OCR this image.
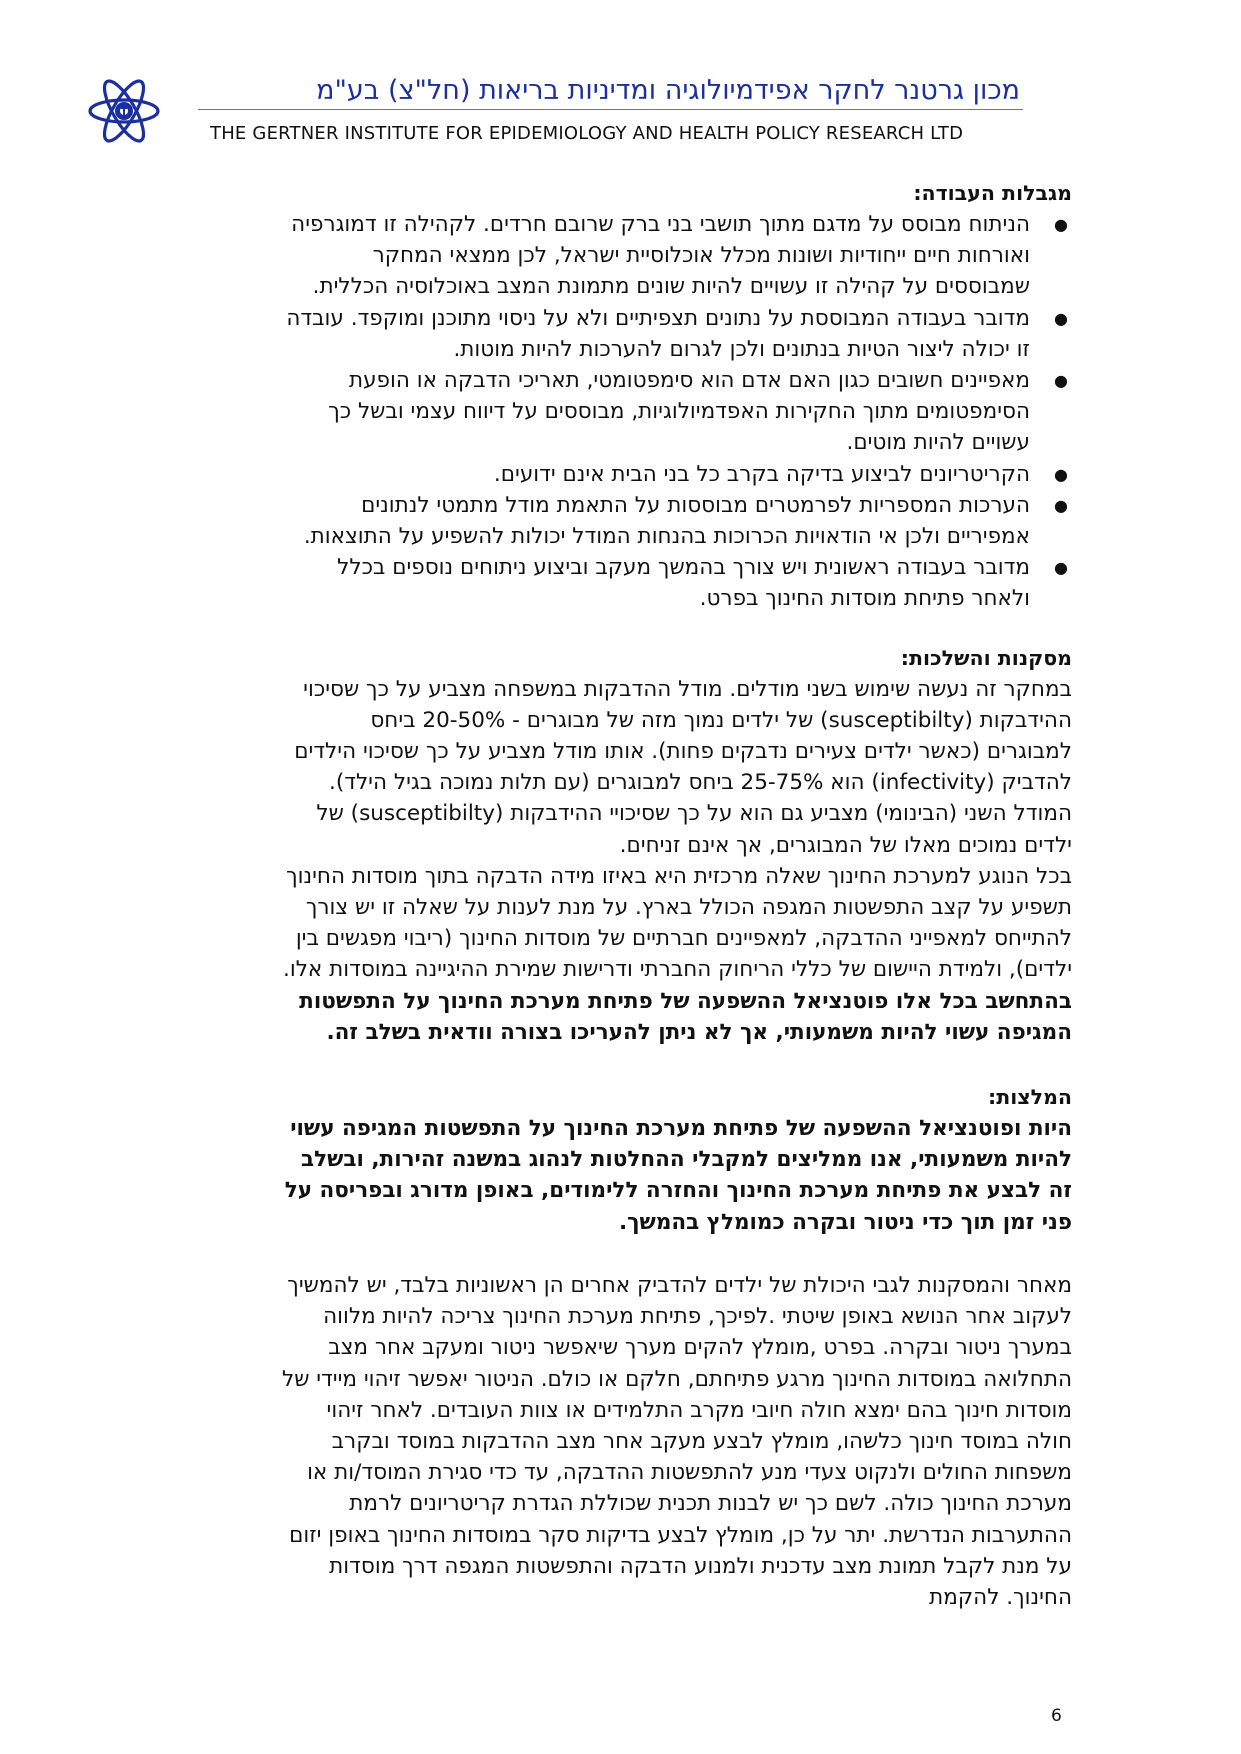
מכון גרטנר לחקר אפידמיולוגיה ומדיניות בריאות (חל"צ) בע"מ
THE GERTNER INSTITUTE FOR EPIDEMIOLOGY AND HEALTH POLICY RESEARCH LTD
מגבלות העבודה:
●
הניתוח מבוסס על מדגם מתוך תושבי בני ברק שרובם חרדים. לקהילה זו דמוגרפיה ואורחות חיים ייחודיות ושונות מכלל אוכלוסיית ישראל, לכן ממצאי המחקר שמבוססים על קהילה זו עשויים להיות שונים מתמונת המצב באוכלוסיה הכללית.
●
מדובר בעבודה המבוססת על נתונים תצפיתיים ולא על ניסוי מתוכנן ומוקפד. עובדה זו יכולה ליצור הטיות בנתונים ולכן לגרום להערכות להיות מוטות.
●
מאפיינים חשובים כגון האם אדם הוא סימפטומטי, תאריכי הדבקה או הופעת הסימפטומים מתוך החקירות האפדמיולוגיות, מבוססים על דיווח עצמי ובשל כך עשויים להיות מוטים.
●
הקריטריונים לביצוע בדיקה בקרב כל בני הבית אינם ידועים.
●
הערכות המספריות לפרמטרים מבוססות על התאמת מודל מתמטי לנתונים אמפיריים ולכן אי הודאויות הכרוכות בהנחות המודל יכולות להשפיע על התוצאות.
●
מדובר בעבודה ראשונית ויש צורך בהמשך מעקב וביצוע ניתוחים נוספים בכלל ולאחר פתיחת מוסדות החינוך בפרט.
מסקנות והשלכות:

במחקר זה נעשה שימוש בשני מודלים. מודל ההדבקות במשפחה מצביע על כך שסיכוי ההידבקות (susceptibilty) של ילדים נמוך מזה של מבוגרים - 20-50% ביחס למבוגרים (כאשר ילדים צעירים נדבקים פחות). אותו מודל מצביע על כך שסיכוי הילדים להדביק (infectivity) הוא 25-75% ביחס למבוגרים (עם תלות נמוכה בגיל הילד). המודל השני (הבינומי) מצביע גם הוא על כך שסיכויי ההידבקות (susceptibilty) של ילדים נמוכים מאלו של המבוגרים, אך אינם זניחים.

בכל הנוגע למערכת החינוך שאלה מרכזית היא באיזו מידה הדבקה בתוך מוסדות החינוך תשפיע על קצב התפשטות המגפה הכולל בארץ. על מנת לענות על שאלה זו יש צורך להתייחס למאפייני ההדבקה, למאפיינים חברתיים של מוסדות החינוך (ריבוי מפגשים בין ילדים), ולמידת היישום של כללי הריחוק החברתי ודרישות שמירת ההיגיינה במוסדות אלו. בהתחשב בכל אלו פוטנציאל ההשפעה של פתיחת מערכת החינוך על התפשטות המגיפה עשוי להיות משמעותי, אך לא ניתן להעריכו בצורה וודאית בשלב זה.

המלצות:

היות ופוטנציאל ההשפעה של פתיחת מערכת החינוך על התפשטות המגיפה עשוי להיות משמעותי, אנו ממליצים למקבלי ההחלטות לנהוג במשנה זהירות, ובשלב זה לבצע את פתיחת מערכת החינוך והחזרה ללימודים, באופן מדורג ובפריסה על פני זמן תוך כדי ניטור ובקרה כמומלץ בהמשך.

מאחר והמסקנות לגבי היכולת של ילדים להדביק אחרים הן ראשוניות בלבד, יש להמשיך לעקוב אחר הנושא באופן שיטתי .לפיכך, פתיחת מערכת החינוך צריכה להיות מלווה במערך ניטור ובקרה. בפרט ,מומלץ להקים מערך שיאפשר ניטור ומעקב אחר מצב התחלואה במוסדות החינוך מרגע פתיחתם, חלקם או כולם. הניטור יאפשר זיהוי מיידי של מוסדות חינוך בהם ימצא חולה חיובי מקרב התלמידים או צוות העובדים. לאחר זיהוי חולה במוסד חינוך כלשהו, מומלץ לבצע מעקב אחר מצב ההדבקות במוסד ובקרב משפחות החולים ולנקוט צעדי מנע להתפשטות ההדבקה, עד כדי סגירת המוסד/ות או מערכת החינוך כולה. לשם כך יש לבנות תכנית שכוללת הגדרת קריטריונים לרמת ההתערבות הנדרשת. יתר על כן, מומלץ לבצע בדיקות סקר במוסדות החינוך באופן יזום על מנת לקבל תמונת מצב עדכנית ולמנוע הדבקה והתפשטות המגפה דרך מוסדות החינוך. להקמת

6
